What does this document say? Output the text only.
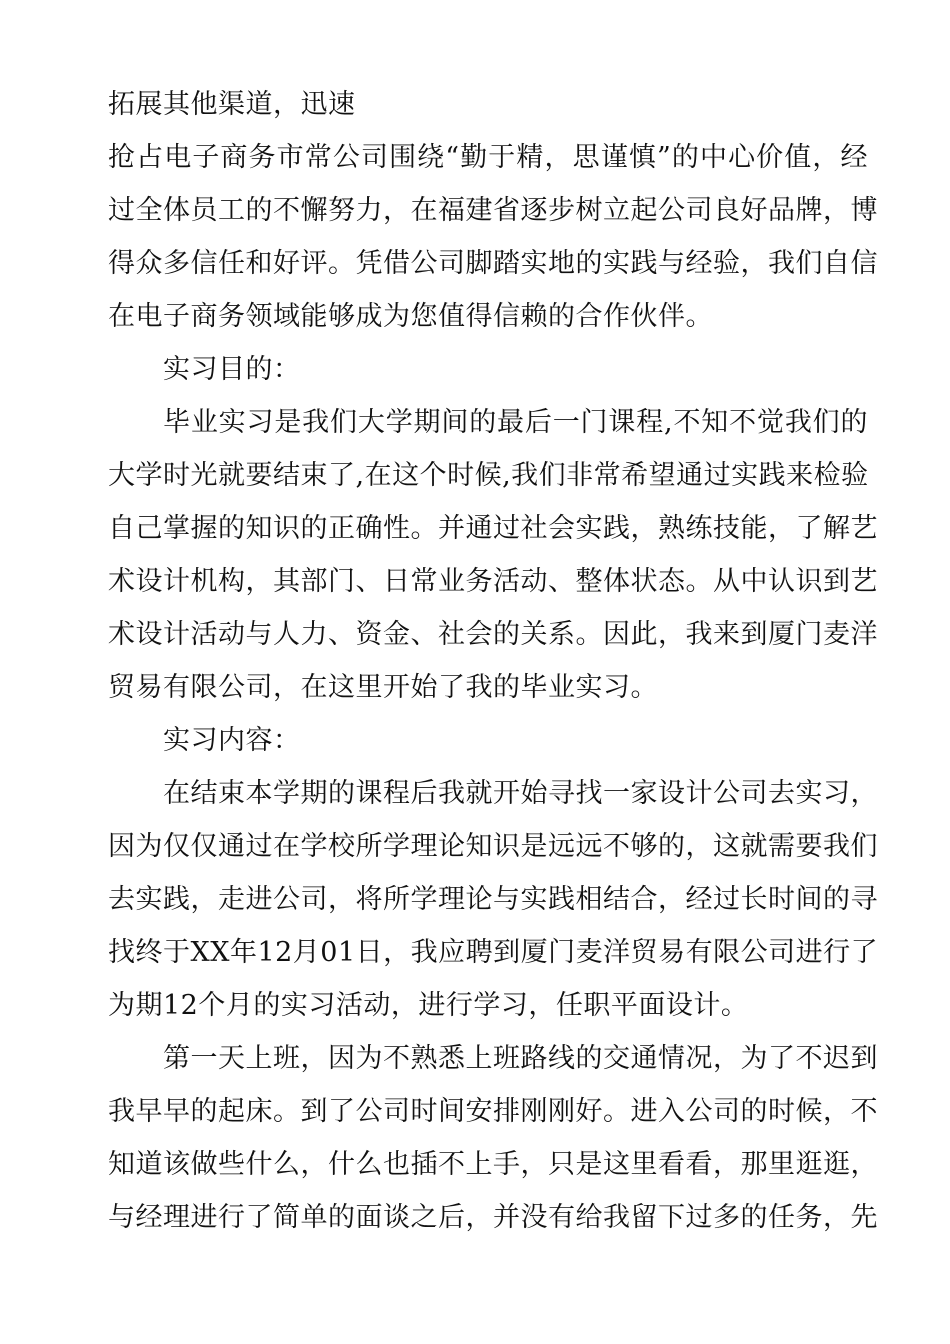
拓展其他渠道，迅速
抢占电子商务市常公司围绕“勤于精，思谨慎”的中心价值，经
过全体员工的不懈努力，在福建省逐步树立起公司良好品牌，博
得众多信任和好评。凭借公司脚踏实地的实践与经验，我们自信
在电子商务领域能够成为您值得信赖的合作伙伴。
实习目的：
毕业实习是我们大学期间的最后一门课程,不知不觉我们的
大学时光就要结束了,在这个时候,我们非常希望通过实践来检验
自己掌握的知识的正确性。并通过社会实践，熟练技能，了解艺
术设计机构，其部门、日常业务活动、整体状态。从中认识到艺
术设计活动与人力、资金、社会的关系。因此，我来到厦门麦洋
贸易有限公司，在这里开始了我的毕业实习。
实习内容：
在结束本学期的课程后我就开始寻找一家设计公司去实习，
因为仅仅通过在学校所学理论知识是远远不够的，这就需要我们
去实践，走进公司，将所学理论与实践相结合，经过长时间的寻
找终于XX年12月01日，我应聘到厦门麦洋贸易有限公司进行了
为期12个月的实习活动，进行学习，任职平面设计。
第一天上班，因为不熟悉上班路线的交通情况，为了不迟到
我早早的起床。到了公司时间安排刚刚好。进入公司的时候，不
知道该做些什么，什么也插不上手，只是这里看看，那里逛逛，
与经理进行了简单的面谈之后，并没有给我留下过多的任务，先
